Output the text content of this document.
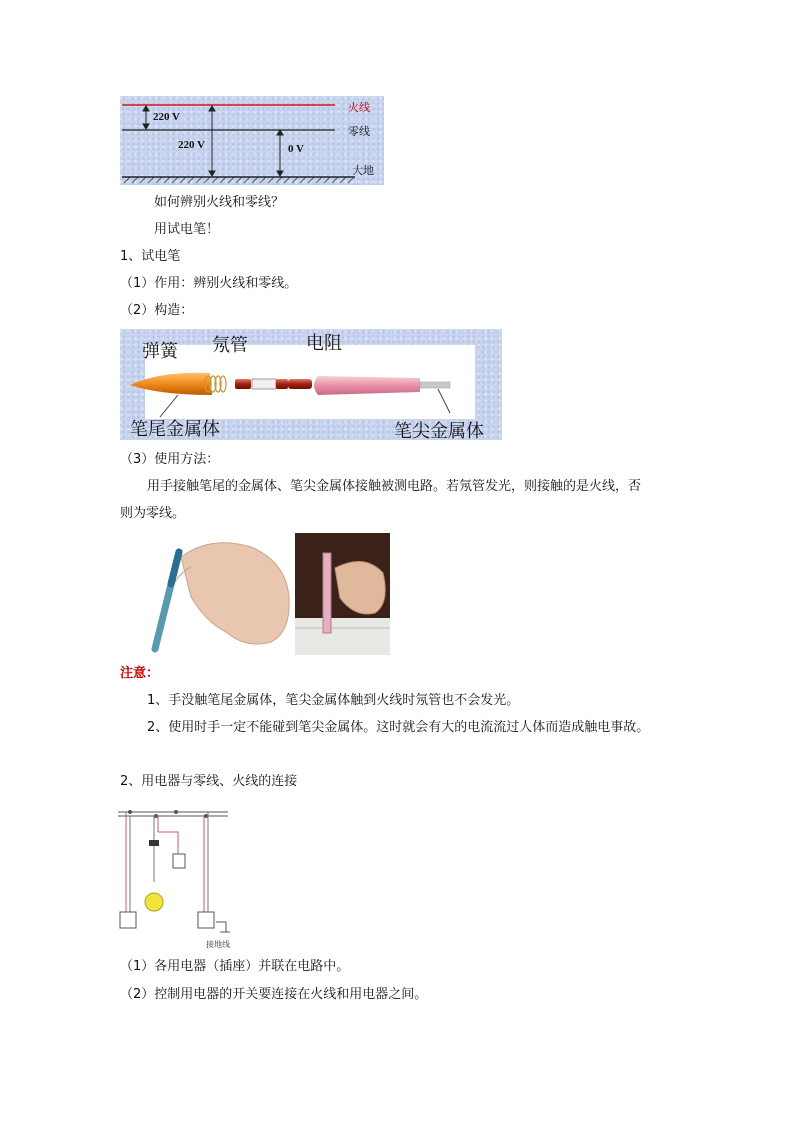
220 V
220 V	0 V
火线
零线
大地
如何辨别火线和零线？
用试电笔！
1、试电笔
（1）作用：辨别火线和零线。
（2）构造：
弹簧 氖管	电阻
笔尾金属体	笔尖金属体
（3）使用方法：
用手接触笔尾的金属体、笔尖金属体接触被测电路。若氖管发光，则接触的是火线，否
则为零线。
注意：
1、手没触笔尾金属体，笔尖金属体触到火线时氖管也不会发光。
2、使用时手一定不能碰到笔尖金属体。这时就会有大的电流流过人体而造成触电事故。
2、用电器与零线、火线的连接
接地线
（1）各用电器（插座）并联在电路中。
（2）控制用电器的开关要连接在火线和用电器之间。
